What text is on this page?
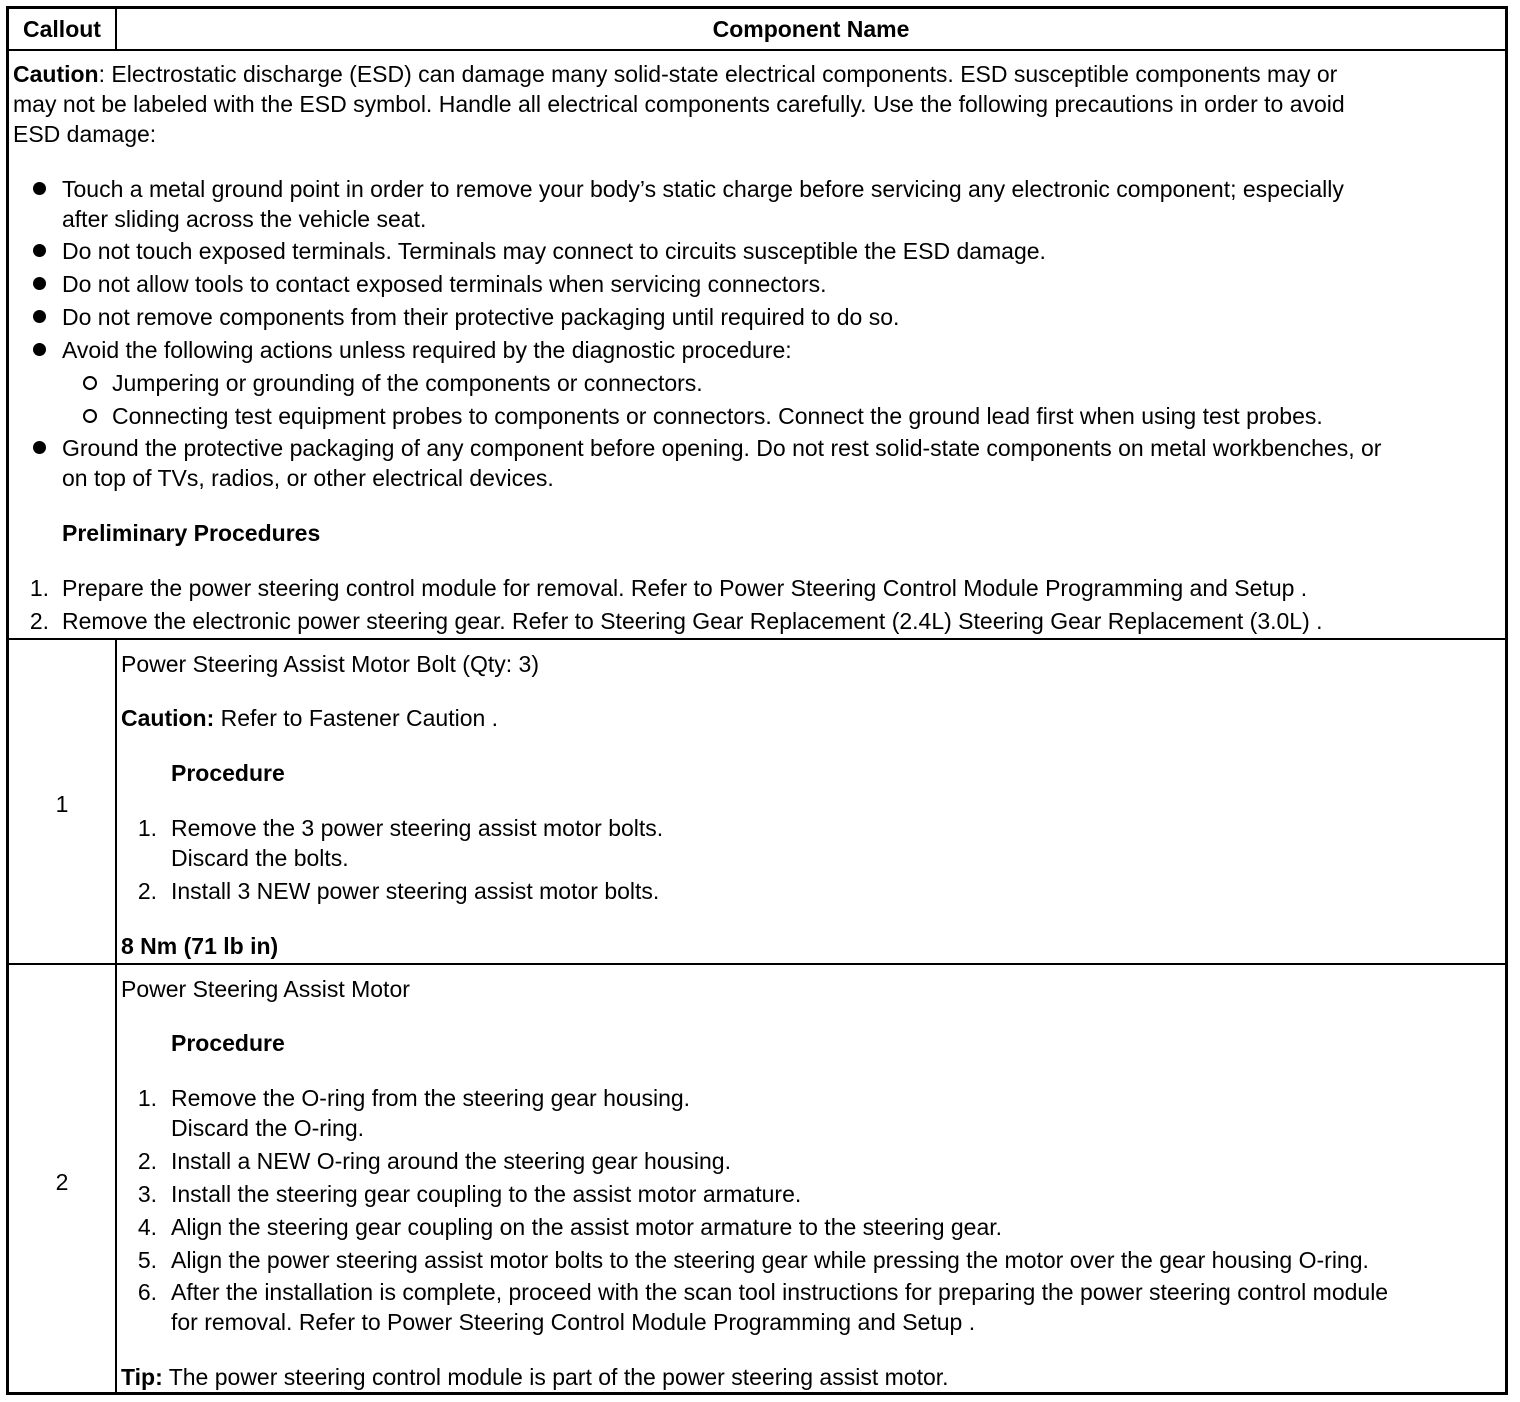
Callout	Component Name
Caution: Electrostatic discharge (ESD) can damage many solid-state electrical components. ESD susceptible components may or
may not be labeled with the ESD symbol. Handle all electrical components carefully. Use the following precautions in order to avoid
ESD damage:
Touch a metal ground point in order to remove your body’s static charge before servicing any electronic component; especially
after sliding across the vehicle seat.
Do not touch exposed terminals. Terminals may connect to circuits susceptible the ESD damage.
Do not allow tools to contact exposed terminals when servicing connectors.
Do not remove components from their protective packaging until required to do so.
Avoid the following actions unless required by the diagnostic procedure:
Jumpering or grounding of the components or connectors.
Connecting test equipment probes to components or connectors. Connect the ground lead first when using test probes.
Ground the protective packaging of any component before opening. Do not rest solid-state components on metal workbenches, or
on top of TVs, radios, or other electrical devices.
Preliminary Procedures
1. Prepare the power steering control module for removal. Refer to Power Steering Control Module Programming and Setup .
2. Remove the electronic power steering gear. Refer to Steering Gear Replacement (2.4L) Steering Gear Replacement (3.0L) .
1
Power Steering Assist Motor Bolt (Qty: 3)
Caution: Refer to Fastener Caution .
Procedure
1. Remove the 3 power steering assist motor bolts.
Discard the bolts.
2. Install 3 NEW power steering assist motor bolts.
8 Nm (71 lb in)
2
Power Steering Assist Motor
Procedure
1. Remove the O-ring from the steering gear housing.
Discard the O-ring.
2. Install a NEW O-ring around the steering gear housing.
3. Install the steering gear coupling to the assist motor armature.
4. Align the steering gear coupling on the assist motor armature to the steering gear.
5. Align the power steering assist motor bolts to the steering gear while pressing the motor over the gear housing O-ring.
6. After the installation is complete, proceed with the scan tool instructions for preparing the power steering control module
for removal. Refer to Power Steering Control Module Programming and Setup .
Tip: The power steering control module is part of the power steering assist motor.
